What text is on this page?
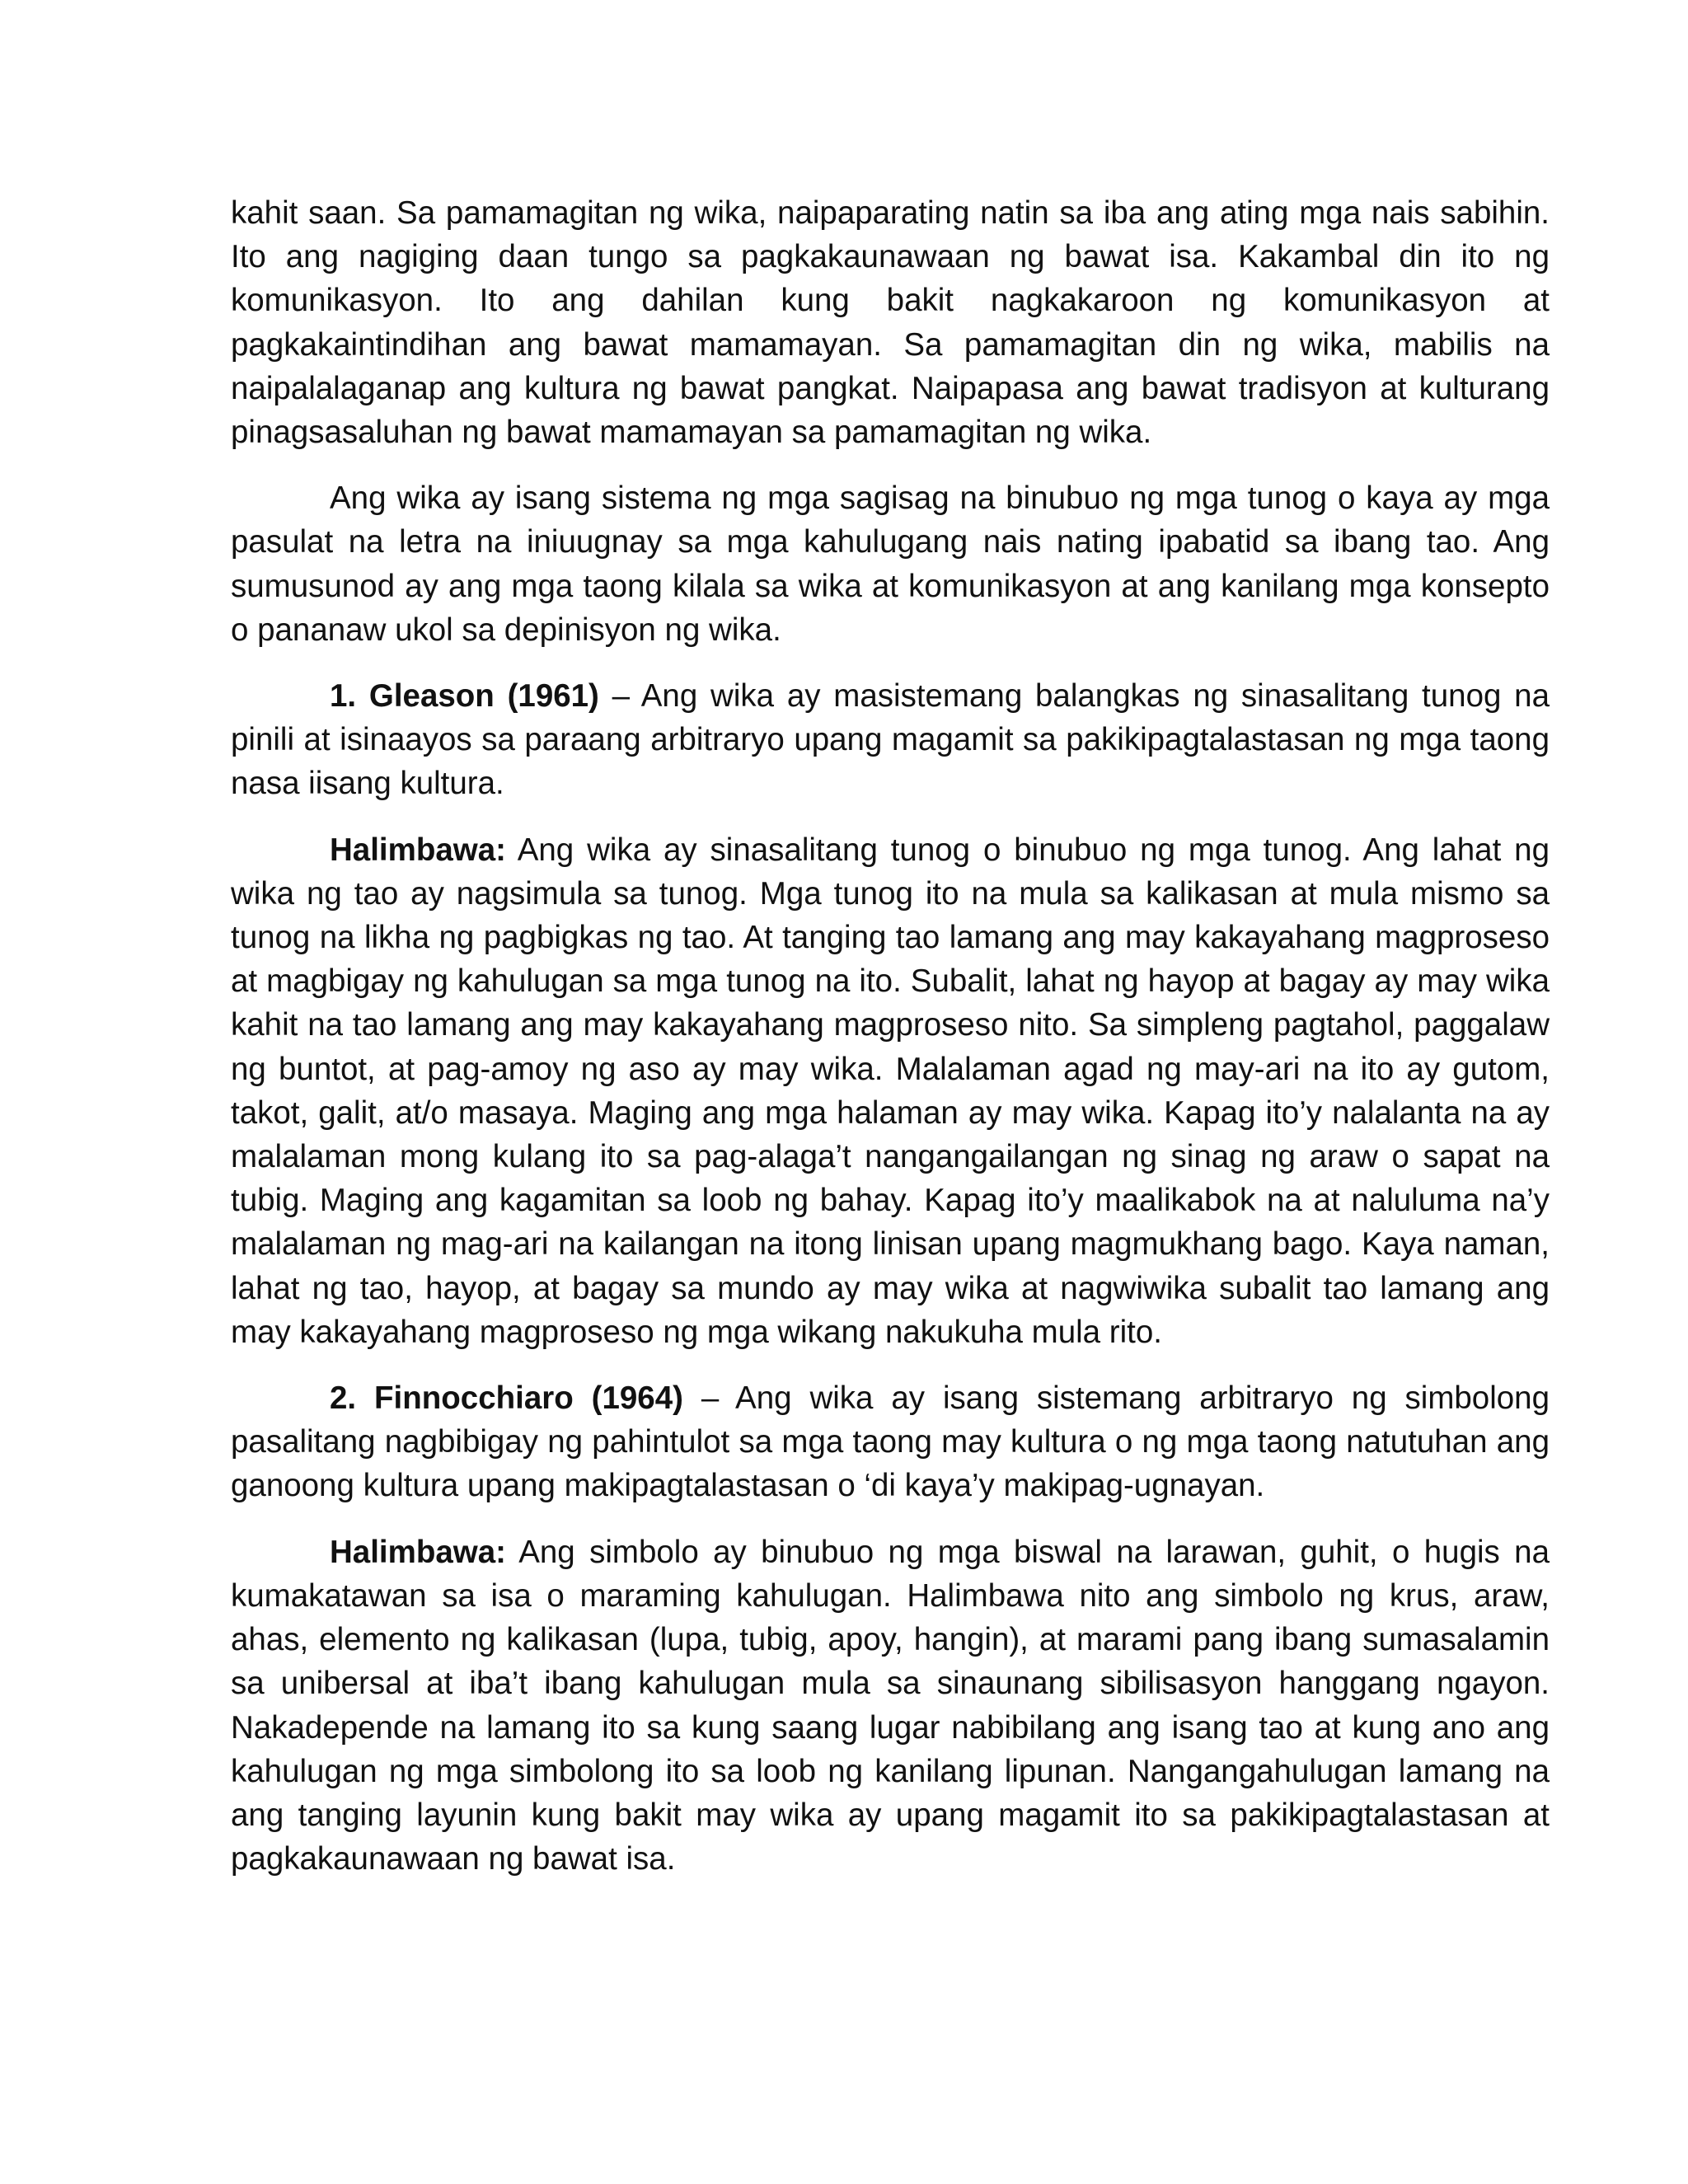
kahit saan. Sa pamamagitan ng wika, naipaparating natin sa iba ang ating mga nais sabihin. Ito ang nagiging daan tungo sa pagkakaunawaan ng bawat isa. Kakambal din ito ng komunikasyon. Ito ang dahilan kung bakit nagkakaroon ng komunikasyon at pagkakaintindihan ang bawat mamamayan. Sa pamamagitan din ng wika, mabilis na naipalalaganap ang kultura ng bawat pangkat. Naipapasa ang bawat tradisyon at kulturang pinagsasaluhan ng bawat mamamayan sa pamamagitan ng wika.

Ang wika ay isang sistema ng mga sagisag na binubuo ng mga tunog o kaya ay mga pasulat na letra na iniuugnay sa mga kahulugang nais nating ipabatid sa ibang tao. Ang sumusunod ay ang mga taong kilala sa wika at komunikasyon at ang kanilang mga konsepto o pananaw ukol sa depinisyon ng wika.

1. Gleason (1961) – Ang wika ay masistemang balangkas ng sinasalitang tunog na pinili at isinaayos sa paraang arbitraryo upang magamit sa pakikipagtalastasan ng mga taong nasa iisang kultura.

Halimbawa: Ang wika ay sinasalitang tunog o binubuo ng mga tunog. Ang lahat ng wika ng tao ay nagsimula sa tunog. Mga tunog ito na mula sa kalikasan at mula mismo sa tunog na likha ng pagbigkas ng tao. At tanging tao lamang ang may kakayahang magproseso at magbigay ng kahulugan sa mga tunog na ito. Subalit, lahat ng hayop at bagay ay may wika kahit na tao lamang ang may kakayahang magproseso nito. Sa simpleng pagtahol, paggalaw ng buntot, at pag-amoy ng aso ay may wika. Malalaman agad ng may-ari na ito ay gutom, takot, galit, at/o masaya. Maging ang mga halaman ay may wika. Kapag ito’y nalalanta na ay malalaman mong kulang ito sa pag-alaga’t nangangailangan ng sinag ng araw o sapat na tubig. Maging ang kagamitan sa loob ng bahay. Kapag ito’y maalikabok na at naluluma na’y malalaman ng mag-ari na kailangan na itong linisan upang magmukhang bago. Kaya naman, lahat ng tao, hayop, at bagay sa mundo ay may wika at nagwiwika subalit tao lamang ang may kakayahang magproseso ng mga wikang nakukuha mula rito.

2. Finnocchiaro (1964) – Ang wika ay isang sistemang arbitraryo ng simbolong pasalitang nagbibigay ng pahintulot sa mga taong may kultura o ng mga taong natutuhan ang ganoong kultura upang makipagtalastasan o ‘di kaya’y makipag-ugnayan.

Halimbawa: Ang simbolo ay binubuo ng mga biswal na larawan, guhit, o hugis na kumakatawan sa isa o maraming kahulugan. Halimbawa nito ang simbolo ng krus, araw, ahas, elemento ng kalikasan (lupa, tubig, apoy, hangin), at marami pang ibang sumasalamin sa unibersal at iba’t ibang kahulugan mula sa sinaunang sibilisasyon hanggang ngayon. Nakadepende na lamang ito sa kung saang lugar nabibilang ang isang tao at kung ano ang kahulugan ng mga simbolong ito sa loob ng kanilang lipunan. Nangangahulugan lamang na ang tanging layunin kung bakit may wika ay upang magamit ito sa pakikipagtalastasan at pagkakaunawaan ng bawat isa.
